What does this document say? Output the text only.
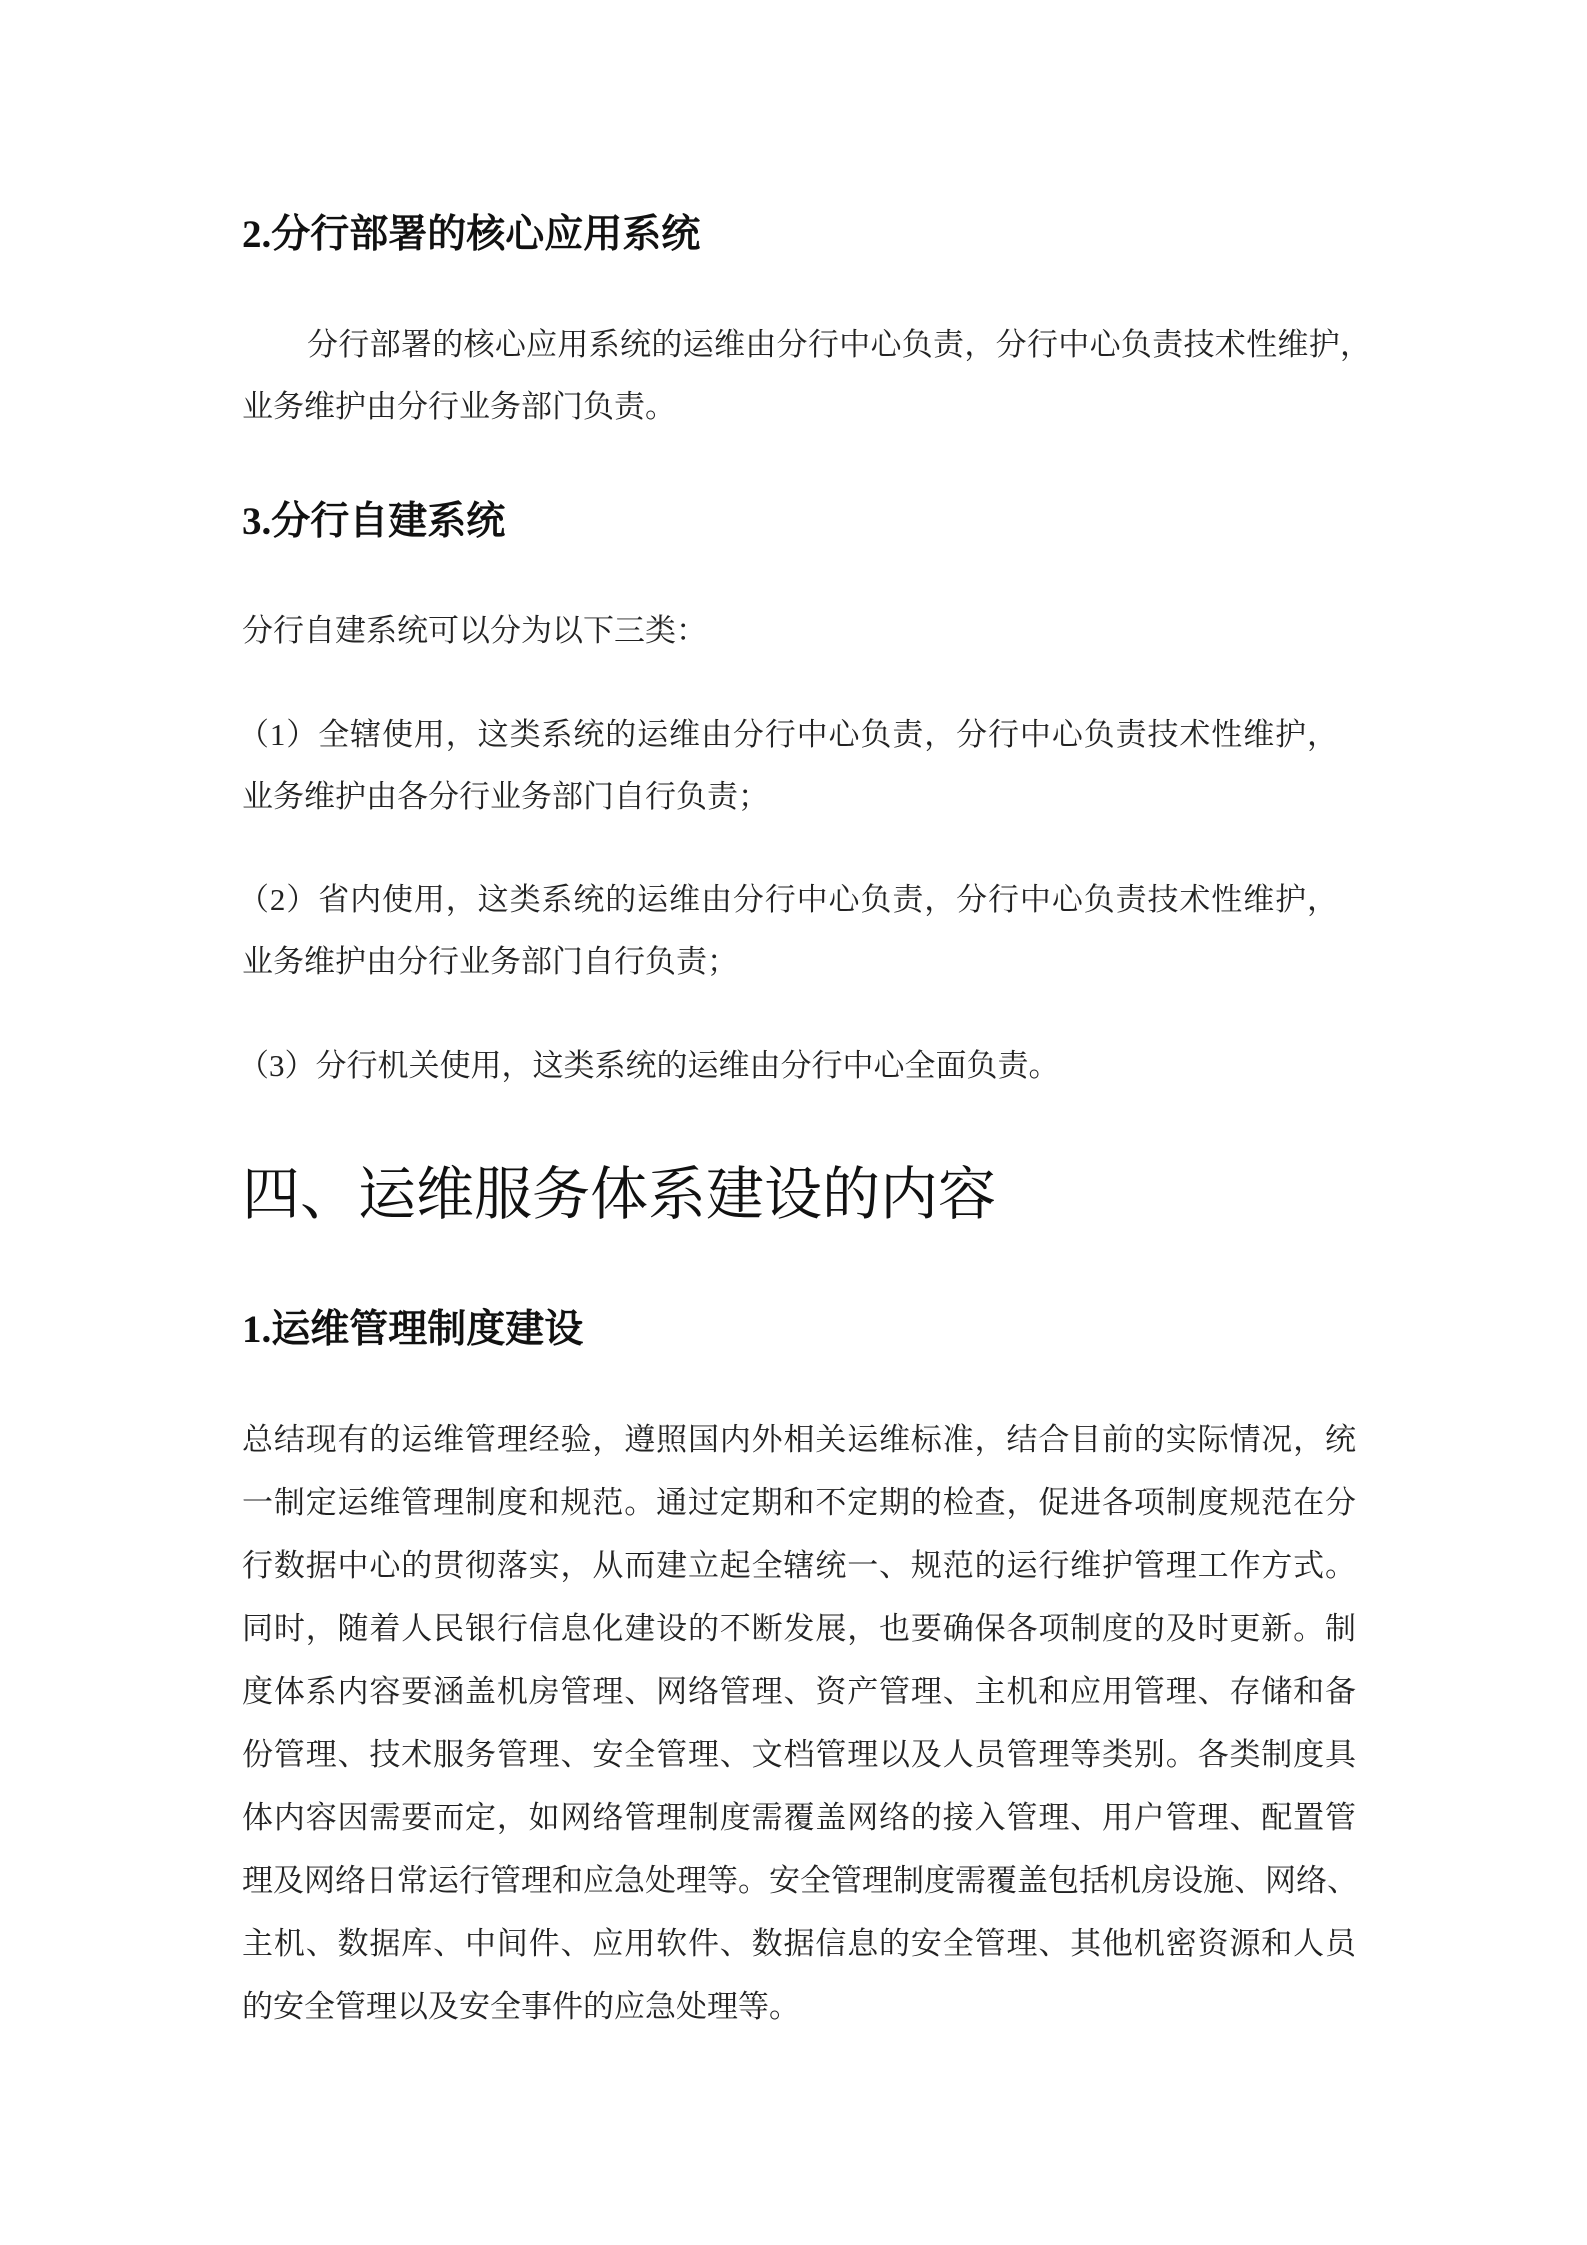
2.分行部署的核心应用系统
分行部署的核心应用系统的运维由分行中心负责，分行中心负责技术性维护，
业务维护由分行业务部门负责。
3.分行自建系统
分行自建系统可以分为以下三类：
（1）全辖使用，这类系统的运维由分行中心负责，分行中心负责技术性维护，
业务维护由各分行业务部门自行负责；
（2）省内使用，这类系统的运维由分行中心负责，分行中心负责技术性维护，
业务维护由分行业务部门自行负责；
（3）分行机关使用，这类系统的运维由分行中心全面负责。
四、运维服务体系建设的内容
1.运维管理制度建设
总结现有的运维管理经验，遵照国内外相关运维标准，结合目前的实际情况，统
一制定运维管理制度和规范。通过定期和不定期的检查，促进各项制度规范在分
行数据中心的贯彻落实，从而建立起全辖统一、规范的运行维护管理工作方式。
同时，随着人民银行信息化建设的不断发展，也要确保各项制度的及时更新。制
度体系内容要涵盖机房管理、网络管理、资产管理、主机和应用管理、存储和备
份管理、技术服务管理、安全管理、文档管理以及人员管理等类别。各类制度具
体内容因需要而定，如网络管理制度需覆盖网络的接入管理、用户管理、配置管
理及网络日常运行管理和应急处理等。安全管理制度需覆盖包括机房设施、网络、
主机、数据库、中间件、应用软件、数据信息的安全管理、其他机密资源和人员
的安全管理以及安全事件的应急处理等。
